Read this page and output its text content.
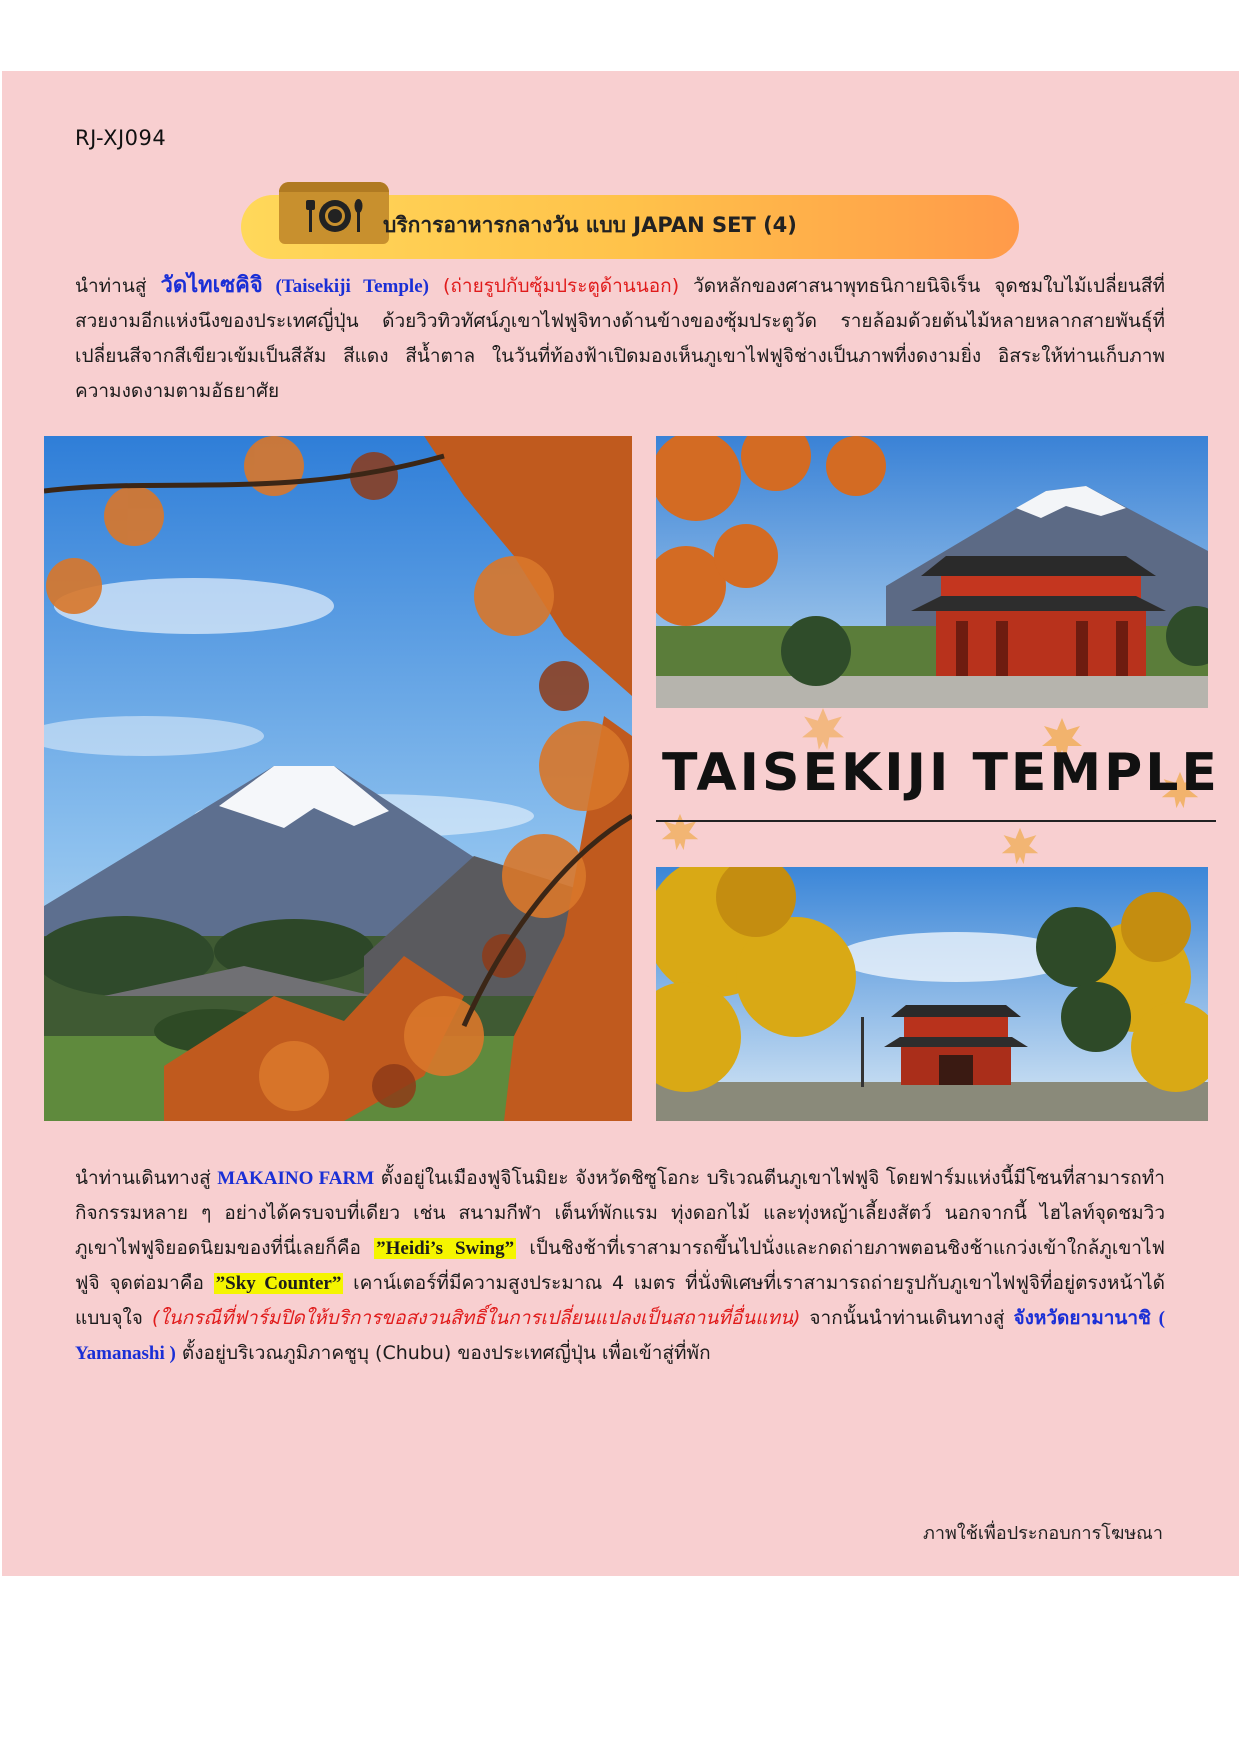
RJ-XJ094
บริการอาหารกลางวัน แบบ JAPAN SET (4)

นำท่านสู่ วัดไทเซคิจิ (Taisekiji Temple) (ถ่ายรูปกับซุ้มประตูด้านนอก) วัดหลักของศาสนาพุทธนิกายนิจิเร็น จุดชมใบไม้เปลี่ยนสีที่สวยงามอีกแห่งนึงของประเทศญี่ปุ่น ด้วยวิวทิวทัศน์ภูเขาไฟฟูจิทางด้านข้างของซุ้มประตูวัด รายล้อมด้วยต้นไม้หลายหลากสายพันธุ์ที่เปลี่ยนสีจากสีเขียวเข้มเป็นสีส้ม สีแดง สีน้ำตาล ในวันที่ท้องฟ้าเปิดมองเห็นภูเขาไฟฟูจิช่างเป็นภาพที่งดงามยิ่ง อิสระให้ท่านเก็บภาพความงดงามตามอัธยาศัย

TAISEKIJI TEMPLE

นำท่านเดินทางสู่ MAKAINO FARM ตั้งอยู่ในเมืองฟูจิโนมิยะ จังหวัดชิซูโอกะ บริเวณตีนภูเขาไฟฟูจิ โดยฟาร์มแห่งนี้มีโซนที่สามารถทำกิจกรรมหลาย ๆ อย่างได้ครบจบที่เดียว เช่น สนามกีฬา เต็นท์พักแรม ทุ่งดอกไม้ และทุ่งหญ้าเลี้ยงสัตว์ นอกจากนี้ ไฮไลท์จุดชมวิวภูเขาไฟฟูจิยอดนิยมของที่นี่เลยก็คือ ”Heidi’s Swing” เป็นชิงช้าที่เราสามารถขึ้นไปนั่งและกดถ่ายภาพตอนชิงช้าแกว่งเข้าใกล้ภูเขาไฟฟูจิ จุดต่อมาคือ ”Sky Counter” เคาน์เตอร์ที่มีความสูงประมาณ 4 เมตร ที่นั่งพิเศษที่เราสามารถถ่ายรูปกับภูเขาไฟฟูจิที่อยู่ตรงหน้าได้แบบจุใจ (ในกรณีที่ฟาร์มปิดให้บริการขอสงวนสิทธิ์ในการเปลี่ยนแปลงเป็นสถานที่อื่นแทน) จากนั้นนำท่านเดินทางสู่ จังหวัดยามานาชิ ( Yamanashi ) ตั้งอยู่บริเวณภูมิภาคชูบุ (Chubu) ของประเทศญี่ปุ่น เพื่อเข้าสู่ที่พัก

ภาพใช้เพื่อประกอบการโฆษณา
